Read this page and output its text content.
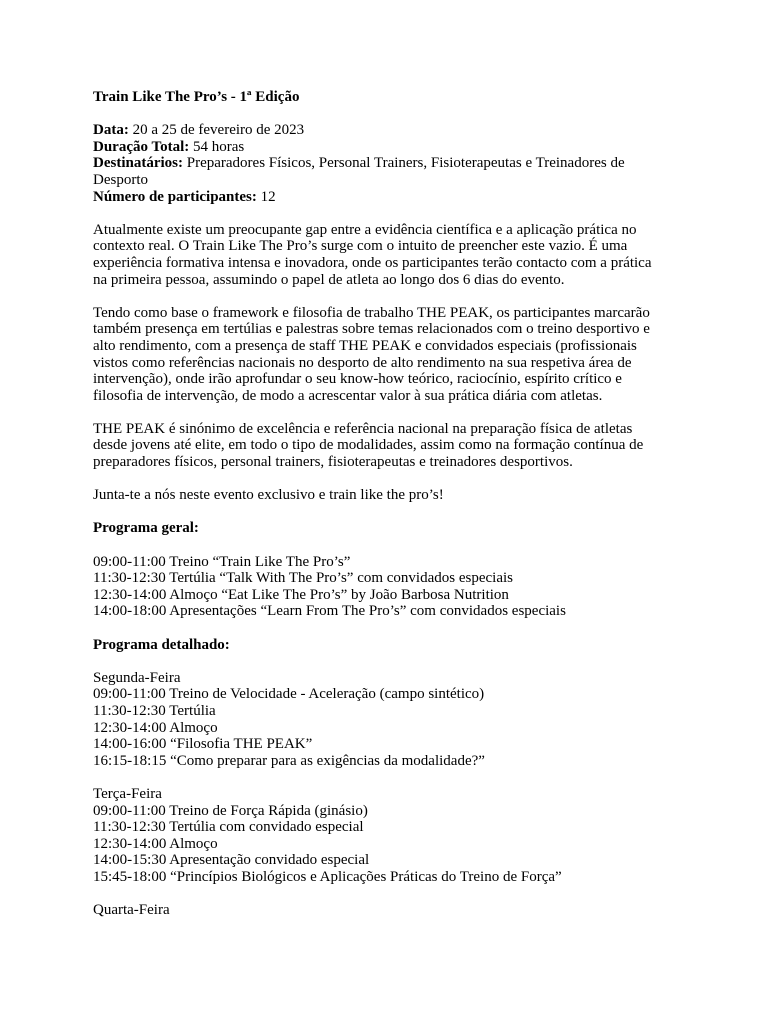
Train Like The Pro’s - 1ª Edição
Data: 20 a 25 de fevereiro de 2023
Duração Total: 54 horas
Destinatários: Preparadores Físicos, Personal Trainers, Fisioterapeutas e Treinadores de
Desporto
Número de participantes: 12
Atualmente existe um preocupante gap entre a evidência científica e a aplicação prática no
contexto real. O Train Like The Pro’s surge com o intuito de preencher este vazio. É uma
experiência formativa intensa e inovadora, onde os participantes terão contacto com a prática
na primeira pessoa, assumindo o papel de atleta ao longo dos 6 dias do evento.
Tendo como base o framework e filosofia de trabalho THE PEAK, os participantes marcarão
também presença em tertúlias e palestras sobre temas relacionados com o treino desportivo e
alto rendimento, com a presença de staff THE PEAK e convidados especiais (profissionais
vistos como referências nacionais no desporto de alto rendimento na sua respetiva área de
intervenção), onde irão aprofundar o seu know-how teórico, raciocínio, espírito crítico e
filosofia de intervenção, de modo a acrescentar valor à sua prática diária com atletas.
THE PEAK é sinónimo de excelência e referência nacional na preparação física de atletas
desde jovens até elite, em todo o tipo de modalidades, assim como na formação contínua de
preparadores físicos, personal trainers, fisioterapeutas e treinadores desportivos.
Junta-te a nós neste evento exclusivo e train like the pro’s!
Programa geral:
09:00-11:00 Treino “Train Like The Pro’s”
11:30-12:30 Tertúlia “Talk With The Pro’s” com convidados especiais
12:30-14:00 Almoço “Eat Like The Pro’s” by João Barbosa Nutrition
14:00-18:00 Apresentações “Learn From The Pro’s” com convidados especiais
Programa detalhado:
Segunda-Feira
09:00-11:00 Treino de Velocidade - Aceleração (campo sintético)
11:30-12:30 Tertúlia
12:30-14:00 Almoço
14:00-16:00 “Filosofia THE PEAK”
16:15-18:15 “Como preparar para as exigências da modalidade?”
Terça-Feira
09:00-11:00 Treino de Força Rápida (ginásio)
11:30-12:30 Tertúlia com convidado especial
12:30-14:00 Almoço
14:00-15:30 Apresentação convidado especial
15:45-18:00 “Princípios Biológicos e Aplicações Práticas do Treino de Força”
Quarta-Feira
